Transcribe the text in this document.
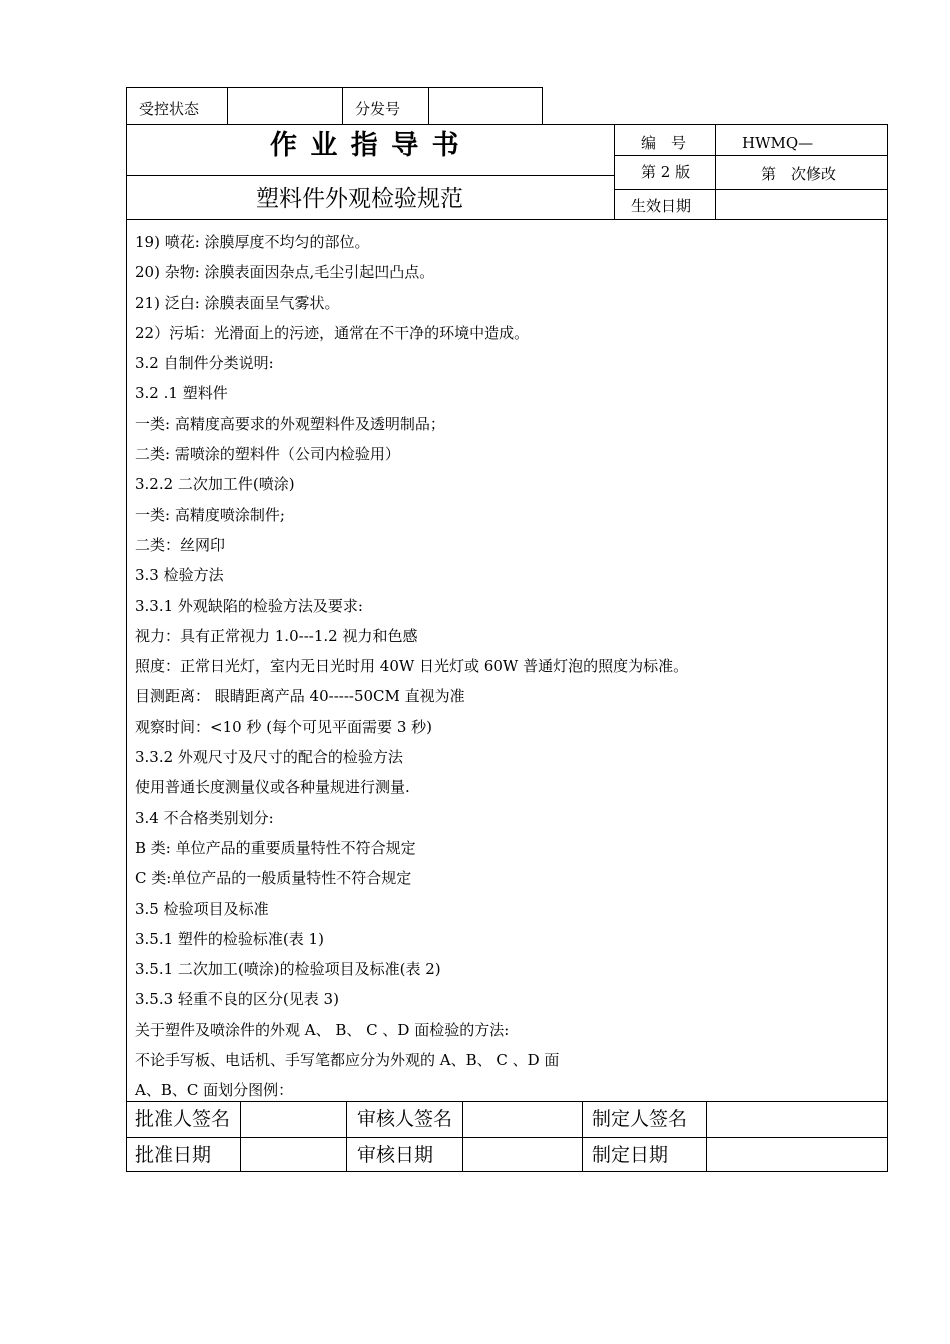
受控状态	分发号
作 业 指 导 书
塑料件外观检验规范
编　号	HWMQ—
第 2 版	第　次修改
生效日期
19) 喷花: 涂膜厚度不均匀的部位。
20) 杂物: 涂膜表面因杂点,毛尘引起凹凸点。
21) 泛白: 涂膜表面呈气雾状。
22）污垢：光滑面上的污迹，通常在不干净的环境中造成。
3.2 自制件分类说明:
3.2 .1 塑料件
一类: 高精度高要求的外观塑料件及透明制品；
二类: 需喷涂的塑料件（公司内检验用）
3.2.2 二次加工件(喷涂)
一类: 高精度喷涂制件;
二类：丝网印
3.3 检验方法
3.3.1 外观缺陷的检验方法及要求:
视力：具有正常视力 1.0---1.2 视力和色感
照度：正常日光灯，室内无日光时用 40W 日光灯或 60W 普通灯泡的照度为标准。
目测距离： 眼睛距离产品 40-----50CM 直视为准
观察时间：<10 秒 (每个可见平面需要 3 秒)
3.3.2 外观尺寸及尺寸的配合的检验方法
使用普通长度测量仪或各种量规进行测量.
3.4 不合格类别划分:
B 类: 单位产品的重要质量特性不符合规定
C 类:单位产品的一般质量特性不符合规定
3.5 检验项目及标准
3.5.1 塑件的检验标准(表 1)
3.5.1 二次加工(喷涂)的检验项目及标准(表 2)
3.5.3 轻重不良的区分(见表 3)
关于塑件及喷涂件的外观 A、 B、 C 、D 面检验的方法:
不论手写板、电话机、手写笔都应分为外观的 A、B、 C 、D 面
A、B、C 面划分图例：
批准人签名	审核人签名	制定人签名
批准日期	审核日期	制定日期
